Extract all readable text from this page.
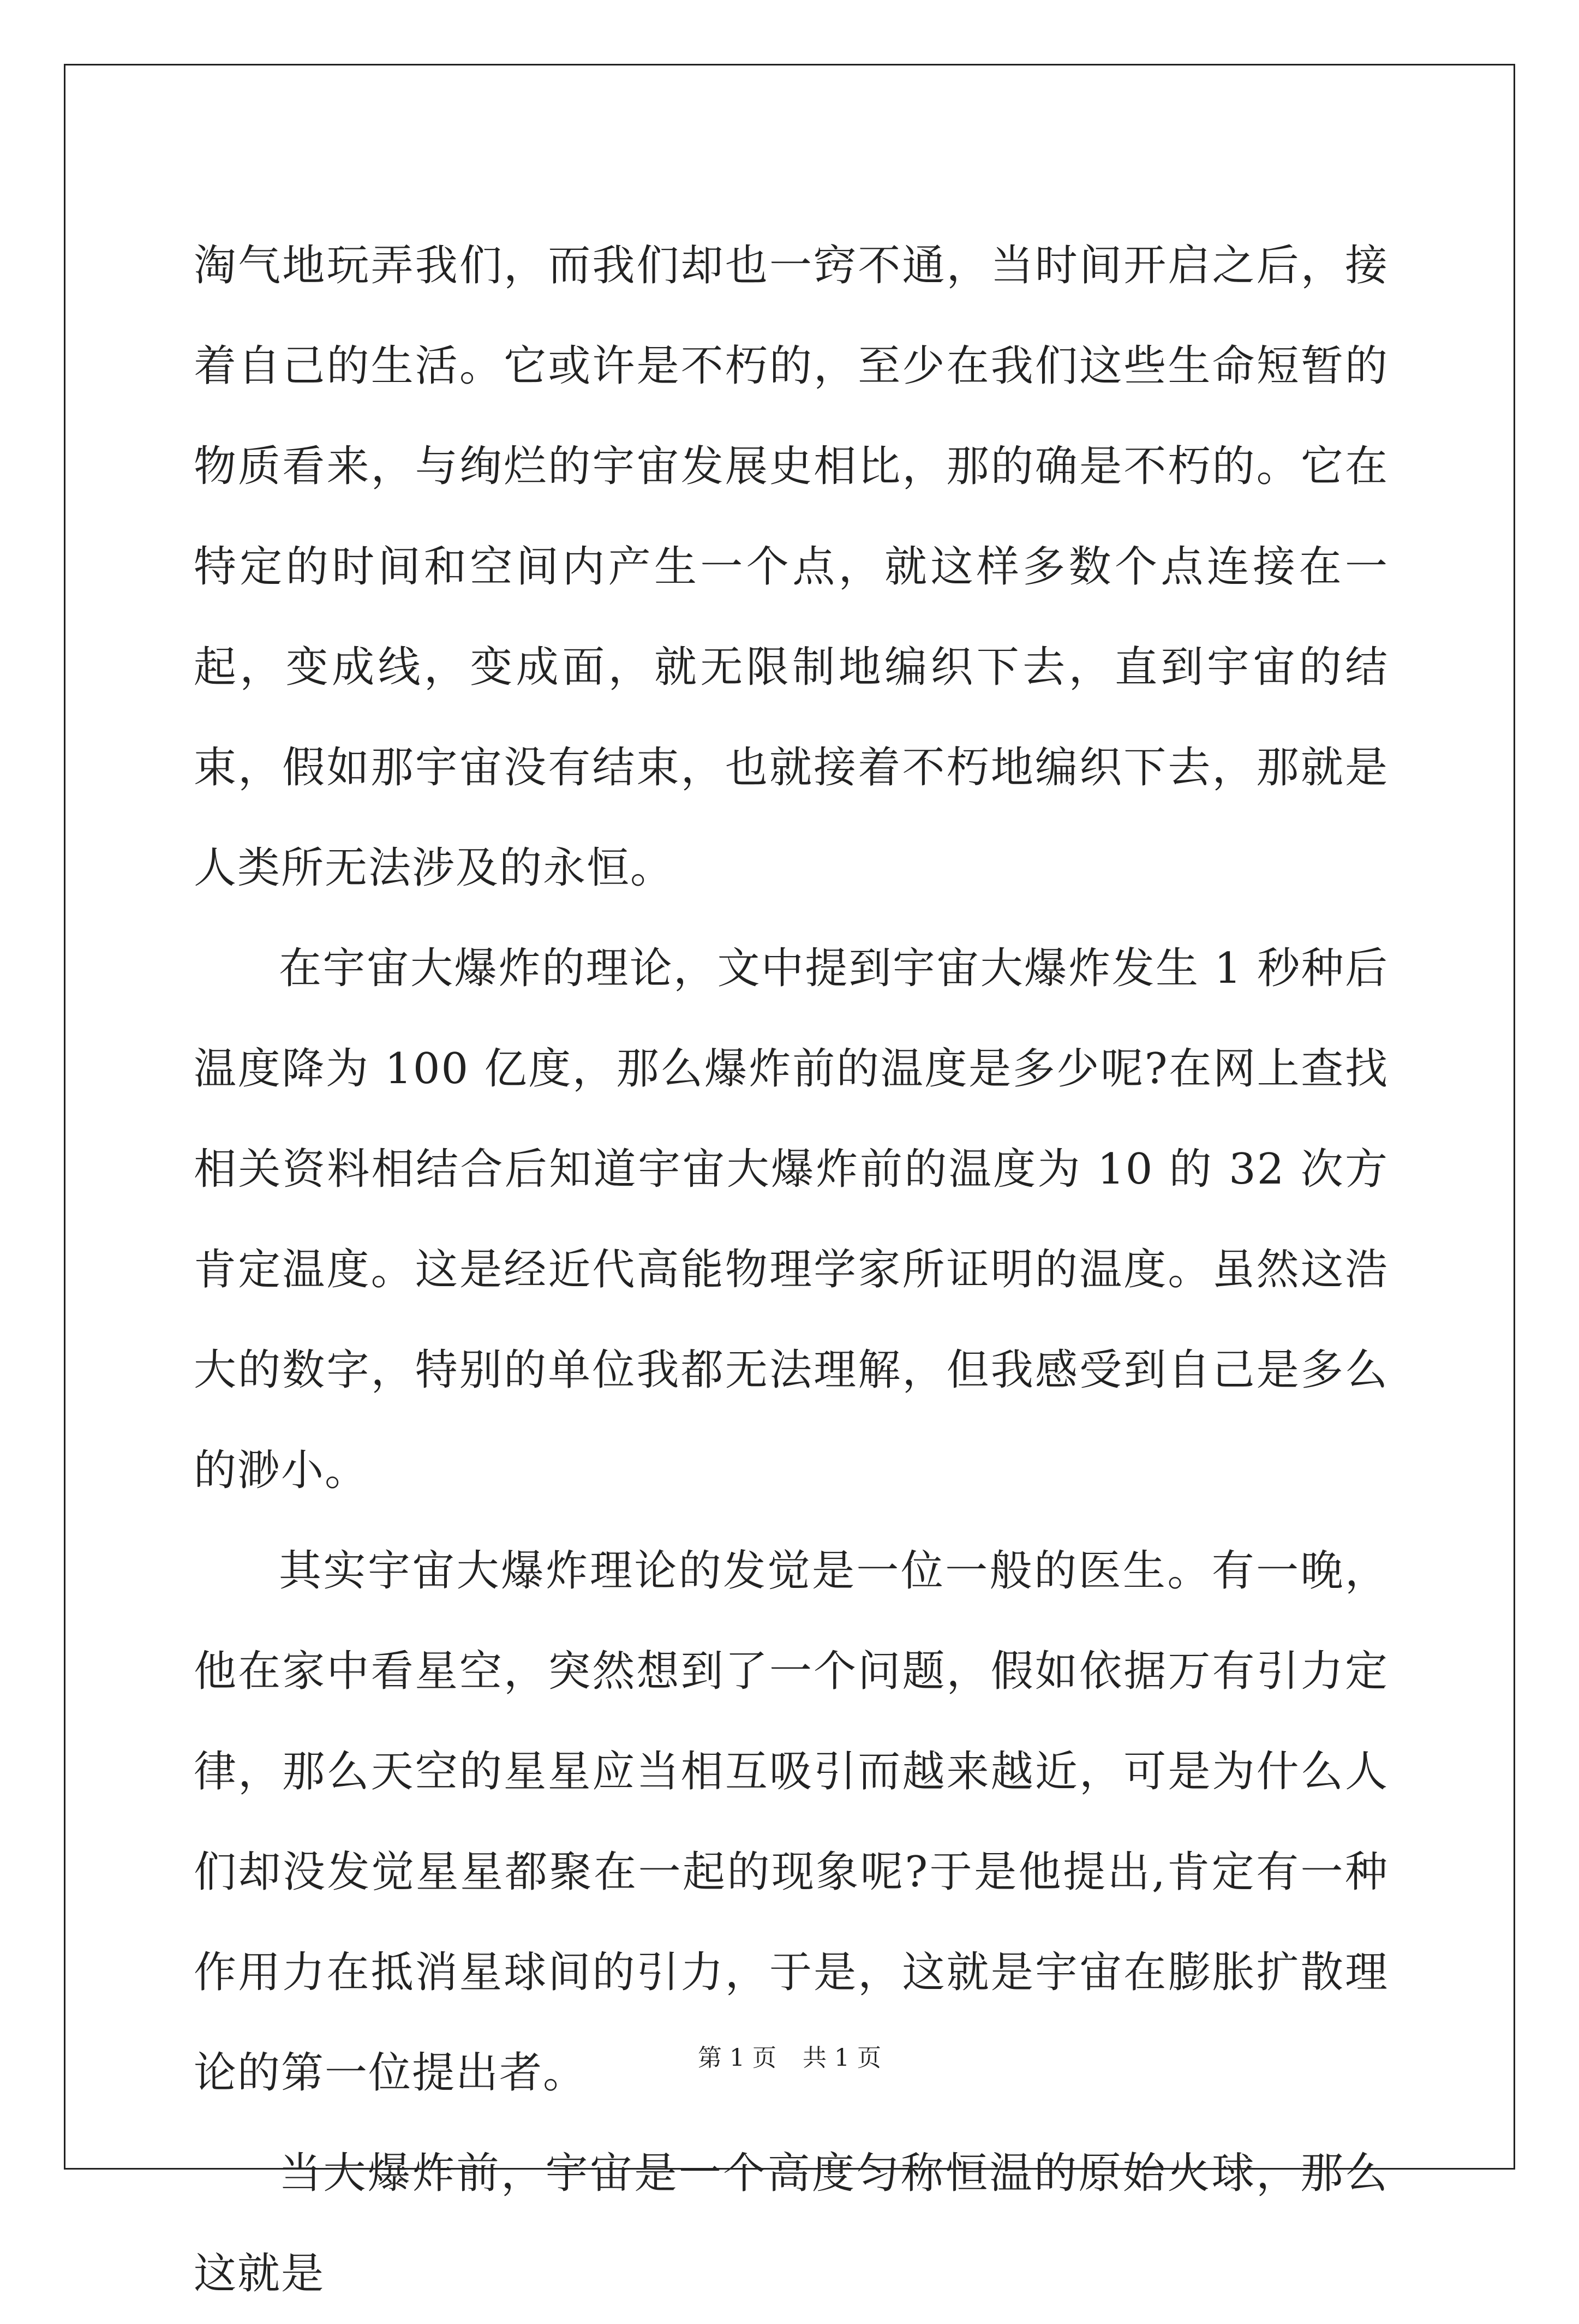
淘气地玩弄我们，而我们却也一窍不通，当时间开启之后，接着自己的生活。它或许是不朽的，至少在我们这些生命短暂的物质看来，与绚烂的宇宙发展史相比，那的确是不朽的。它在特定的时间和空间内产生一个点，就这样多数个点连接在一起，变成线，变成面，就无限制地编织下去，直到宇宙的结束，假如那宇宙没有结束，也就接着不朽地编织下去，那就是人类所无法涉及的永恒。

在宇宙大爆炸的理论，文中提到宇宙大爆炸发生 1 秒种后温度降为 100 亿度，那么爆炸前的温度是多少呢?在网上查找相关资料相结合后知道宇宙大爆炸前的温度为 10 的 32 次方肯定温度。这是经近代高能物理学家所证明的温度。虽然这浩大的数字，特别的单位我都无法理解，但我感受到自己是多么的渺小。

其实宇宙大爆炸理论的发觉是一位一般的医生。有一晚，他在家中看星空，突然想到了一个问题，假如依据万有引力定律，那么天空的星星应当相互吸引而越来越近，可是为什么人们却没发觉星星都聚在一起的现象呢?于是他提出,肯定有一种作用力在抵消星球间的引力，于是，这就是宇宙在膨胀扩散理论的第一位提出者。

当大爆炸前，宇宙是一个高度匀称恒温的原始火球，那么这就是

第 1 页 共 1 页
